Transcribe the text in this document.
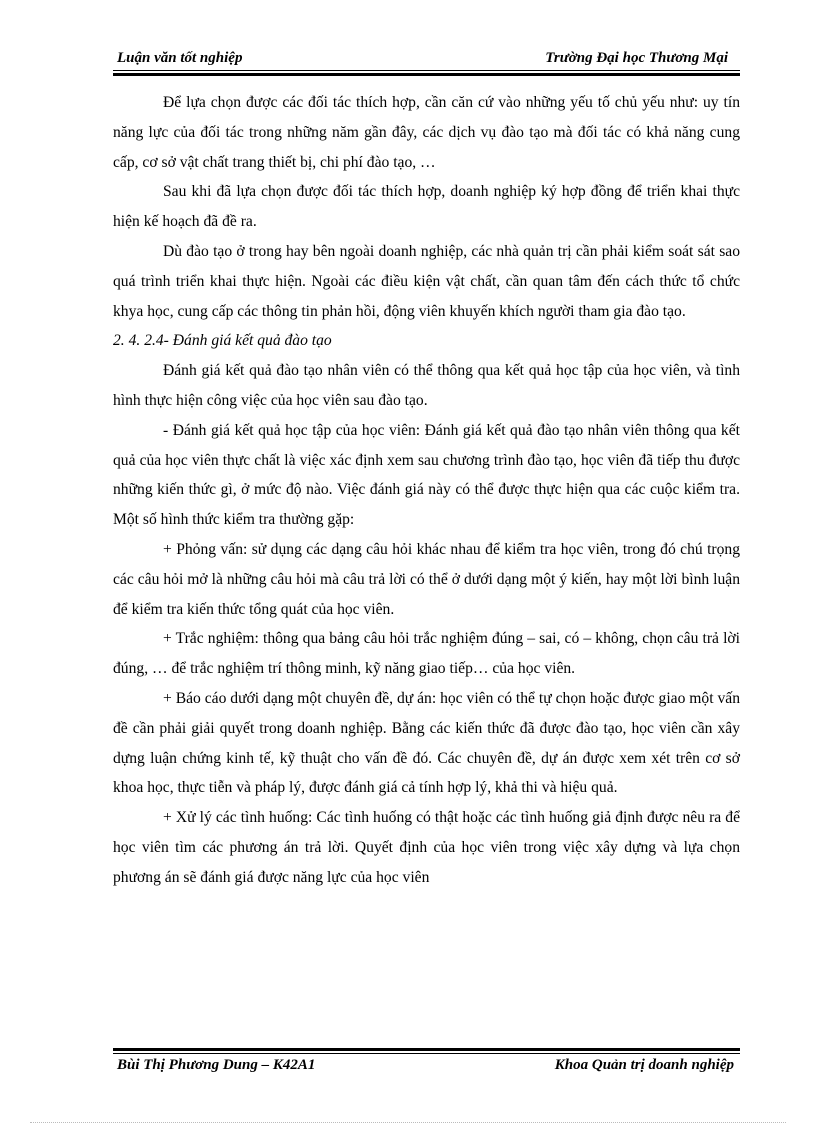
Luận văn tốt nghiệp	Trường Đại học Thương Mại

Để lựa chọn được các đối tác thích hợp, cần căn cứ vào những yếu tố chủ yếu như: uy tín năng lực của đối tác trong những năm gần đây, các dịch vụ đào tạo mà đối tác có khả năng cung cấp, cơ sở vật chất trang thiết bị, chi phí đào tạo, …

Sau khi đã lựa chọn được đối tác thích hợp, doanh nghiệp ký hợp đồng để triển khai thực hiện kế hoạch đã đề ra.

Dù đào tạo ở trong hay bên ngoài doanh nghiệp, các nhà quản trị cần phải kiểm soát sát sao quá trình triển khai thực hiện. Ngoài các điều kiện vật chất, cần quan tâm đến cách thức tổ chức khya học, cung cấp các thông tin phản hồi, động viên khuyến khích người tham gia đào tạo.

2. 4. 2.4- Đánh giá kết quả đào tạo

Đánh giá kết quả đào tạo nhân viên có thể thông qua kết quả học tập của học viên, và tình hình thực hiện công việc của học viên sau đào tạo.

- Đánh giá kết quả học tập của học viên: Đánh giá kết quả đào tạo nhân viên thông qua kết quả của học viên thực chất là việc xác định xem sau chương trình đào tạo, học viên đã tiếp thu được những kiến thức gì, ở mức độ nào. Việc đánh giá này có thể được thực hiện qua các cuộc kiểm tra. Một số hình thức kiểm tra thường gặp:

+ Phỏng vấn: sử dụng các dạng câu hỏi khác nhau để kiểm tra học viên, trong đó chú trọng các câu hỏi mở là những câu hỏi mà câu trả lời có thể ở dưới dạng một ý kiến, hay một lời bình luận để kiểm tra kiến thức tổng quát của học viên.

+ Trắc nghiệm: thông qua bảng câu hỏi trắc nghiệm đúng – sai, có – không, chọn câu trả lời đúng, … để trắc nghiệm trí thông minh, kỹ năng giao tiếp… của học viên.

+ Báo cáo dưới dạng một chuyên đề, dự án: học viên có thể tự chọn hoặc được giao một vấn đề cần phải giải quyết trong doanh nghiệp. Bằng các kiến thức đã được đào tạo, học viên cần xây dựng luận chứng kinh tế, kỹ thuật cho vấn đề đó. Các chuyên đề, dự án được xem xét trên cơ sở khoa học, thực tiễn và pháp lý, được đánh giá cả tính hợp lý, khả thi và hiệu quả.

+ Xử lý các tình huống: Các tình huống có thật hoặc các tình huống giả định được nêu ra để học viên tìm các phương án trả lời. Quyết định của học viên trong việc xây dựng và lựa chọn phương án sẽ đánh giá được năng lực của học viên

Bùi Thị Phương Dung – K42A1	Khoa Quản trị doanh nghiệp
